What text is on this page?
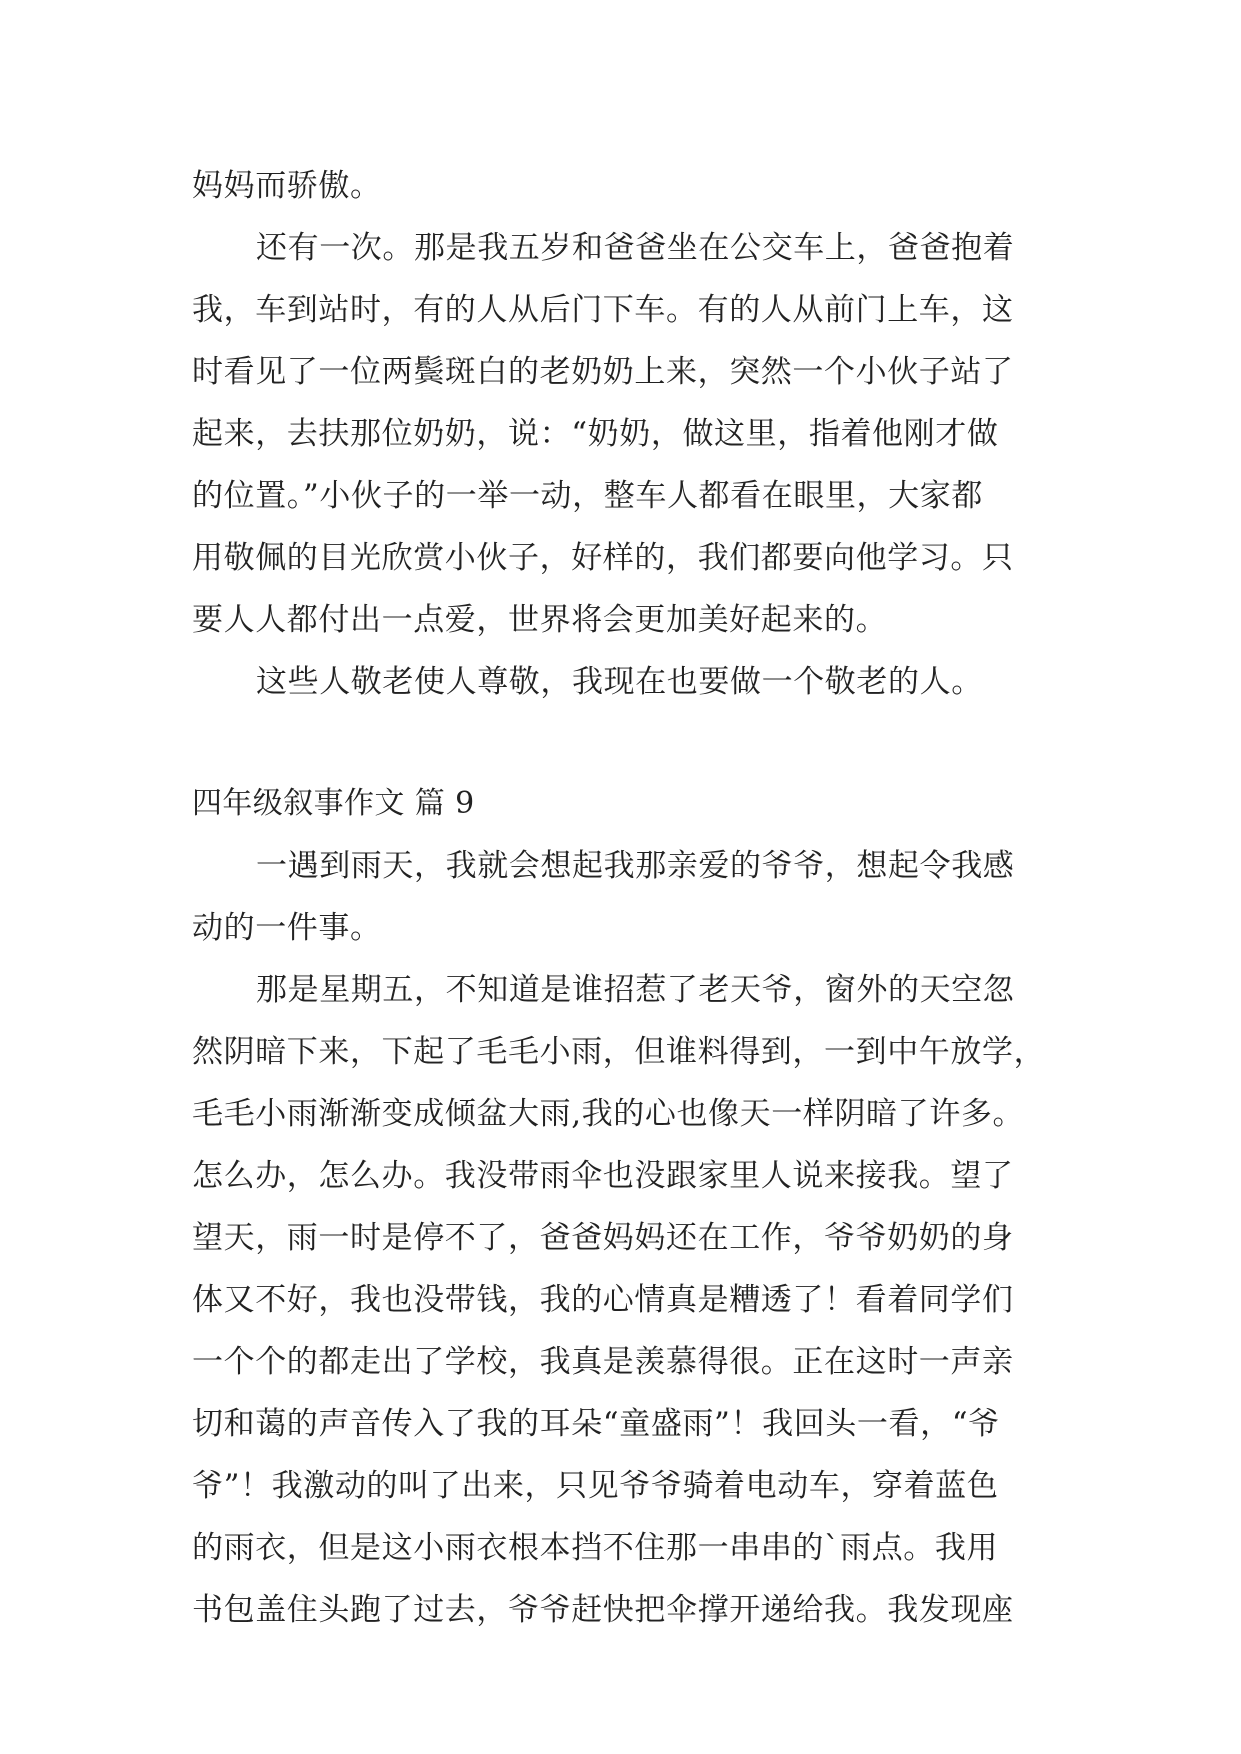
妈妈而骄傲。
还有一次。那是我五岁和爸爸坐在公交车上，爸爸抱着
我，车到站时，有的人从后门下车。有的人从前门上车，这
时看见了一位两鬓斑白的老奶奶上来，突然一个小伙子站了
起来，去扶那位奶奶，说：“奶奶，做这里，指着他刚才做
的位置。”小伙子的一举一动，整车人都看在眼里，大家都
用敬佩的目光欣赏小伙子，好样的，我们都要向他学习。只
要人人都付出一点爱，世界将会更加美好起来的。
这些人敬老使人尊敬，我现在也要做一个敬老的人。
四年级叙事作文 篇 9
一遇到雨天，我就会想起我那亲爱的爷爷，想起令我感
动的一件事。
那是星期五，不知道是谁招惹了老天爷，窗外的天空忽
然阴暗下来，下起了毛毛小雨，但谁料得到，一到中午放学，
毛毛小雨渐渐变成倾盆大雨,我的心也像天一样阴暗了许多。
怎么办，怎么办。我没带雨伞也没跟家里人说来接我。望了
望天，雨一时是停不了，爸爸妈妈还在工作，爷爷奶奶的身
体又不好，我也没带钱，我的心情真是糟透了！看着同学们
一个个的都走出了学校，我真是羡慕得很。正在这时一声亲
切和蔼的声音传入了我的耳朵“童盛雨”！我回头一看，“爷
爷”！我激动的叫了出来，只见爷爷骑着电动车，穿着蓝色
的雨衣，但是这小雨衣根本挡不住那一串串的`雨点。我用
书包盖住头跑了过去，爷爷赶快把伞撑开递给我。我发现座
